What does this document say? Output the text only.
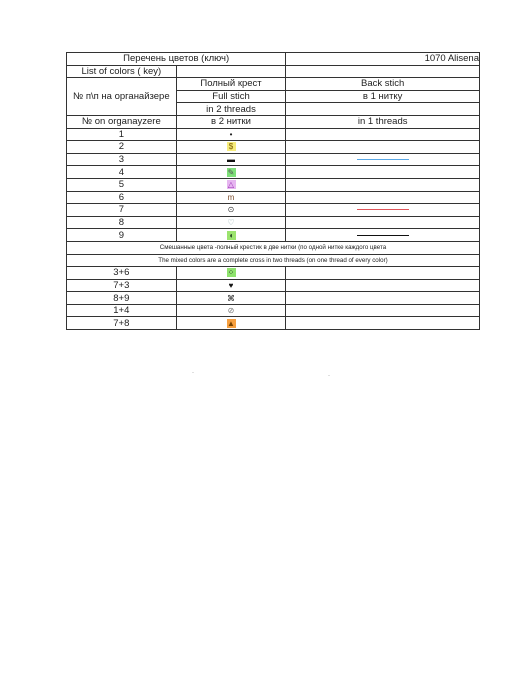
Перечень цветов (ключ)		1070 Alisena
List of colors ( key)		
№ п\п на органайзере	Полный крест	Back stich
	Full stich	в 1 нитку
	in 2 threads	
№ on organayzere	в 2 нитки	in 1 threads
1	•	
2	$	
3	▬	
4	✎	
5	△	
6	m	
7	⊙	
8	♡	
9	◖	
Смешанные цвета -полный крестик в две нитки (по одной нитке каждого цвета		
The mixed colors are a complete cross in two threads (on one thread of every color)		
3+6	⁘	
7+3	♥	
8+9	⌘	
1+4	⊘	
7+8	▲	
·	·
